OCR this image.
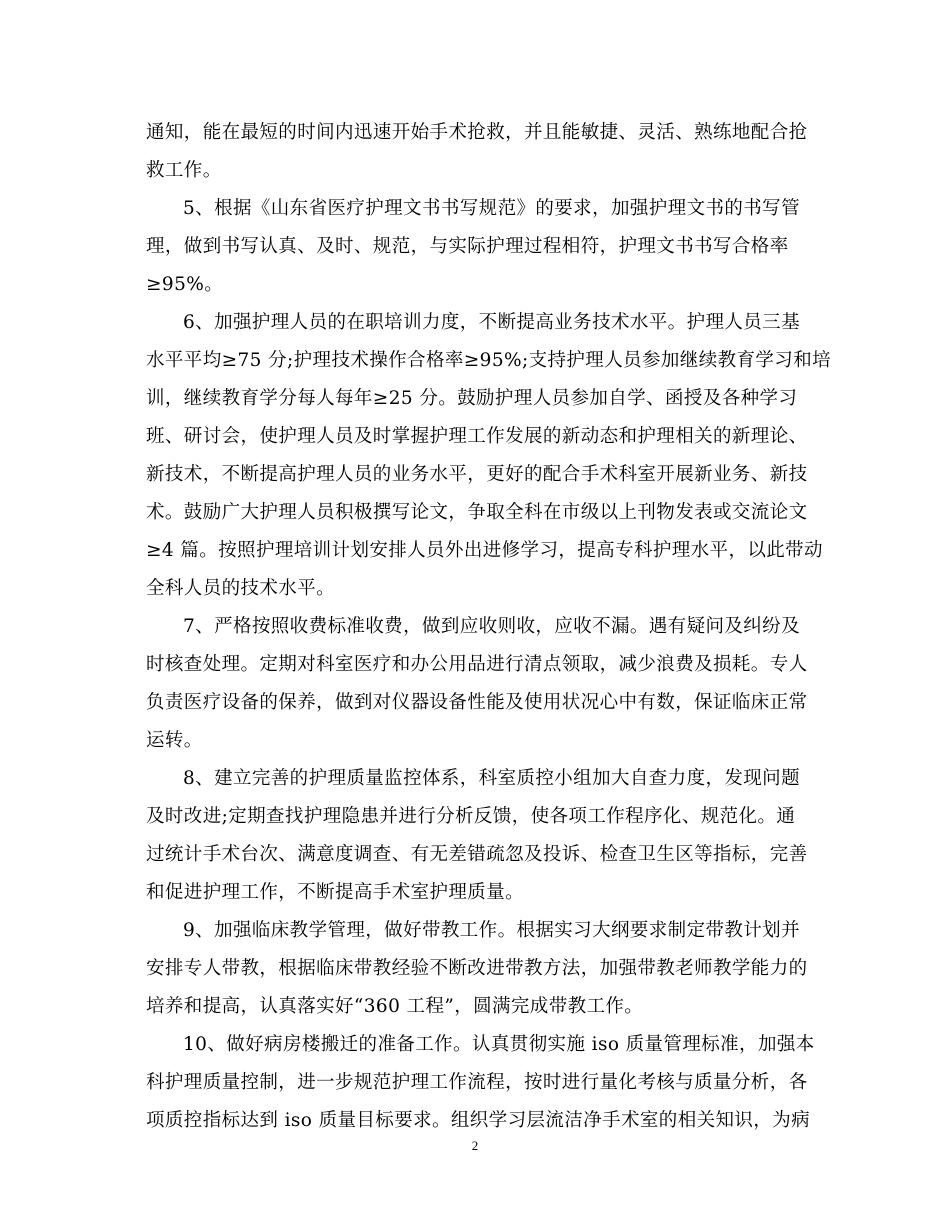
通知，能在最短的时间内迅速开始手术抢救，并且能敏捷、灵活、熟练地配合抢
救工作。
5、根据《山东省医疗护理文书书写规范》的要求，加强护理文书的书写管
理，做到书写认真、及时、规范，与实际护理过程相符，护理文书书写合格率
≥95%。
6、加强护理人员的在职培训力度，不断提高业务技术水平。护理人员三基
水平平均≥75 分;护理技术操作合格率≥95%;支持护理人员参加继续教育学习和培
训，继续教育学分每人每年≥25 分。鼓励护理人员参加自学、函授及各种学习
班、研讨会，使护理人员及时掌握护理工作发展的新动态和护理相关的新理论、
新技术，不断提高护理人员的业务水平，更好的配合手术科室开展新业务、新技
术。鼓励广大护理人员积极撰写论文，争取全科在市级以上刊物发表或交流论文
≥4 篇。按照护理培训计划安排人员外出进修学习，提高专科护理水平，以此带动
全科人员的技术水平。
7、严格按照收费标准收费，做到应收则收，应收不漏。遇有疑问及纠纷及
时核查处理。定期对科室医疗和办公用品进行清点领取，减少浪费及损耗。专人
负责医疗设备的保养，做到对仪器设备性能及使用状况心中有数，保证临床正常
运转。
8、建立完善的护理质量监控体系，科室质控小组加大自查力度，发现问题
及时改进;定期查找护理隐患并进行分析反馈，使各项工作程序化、规范化。通
过统计手术台次、满意度调查、有无差错疏忽及投诉、检查卫生区等指标，完善
和促进护理工作，不断提高手术室护理质量。
9、加强临床教学管理，做好带教工作。根据实习大纲要求制定带教计划并
安排专人带教，根据临床带教经验不断改进带教方法，加强带教老师教学能力的
培养和提高，认真落实好“360 工程”，圆满完成带教工作。
10、做好病房楼搬迁的准备工作。认真贯彻实施 iso 质量管理标准，加强本
科护理质量控制，进一步规范护理工作流程，按时进行量化考核与质量分析，各
项质控指标达到 iso 质量目标要求。组织学习层流洁净手术室的相关知识，为病
2
